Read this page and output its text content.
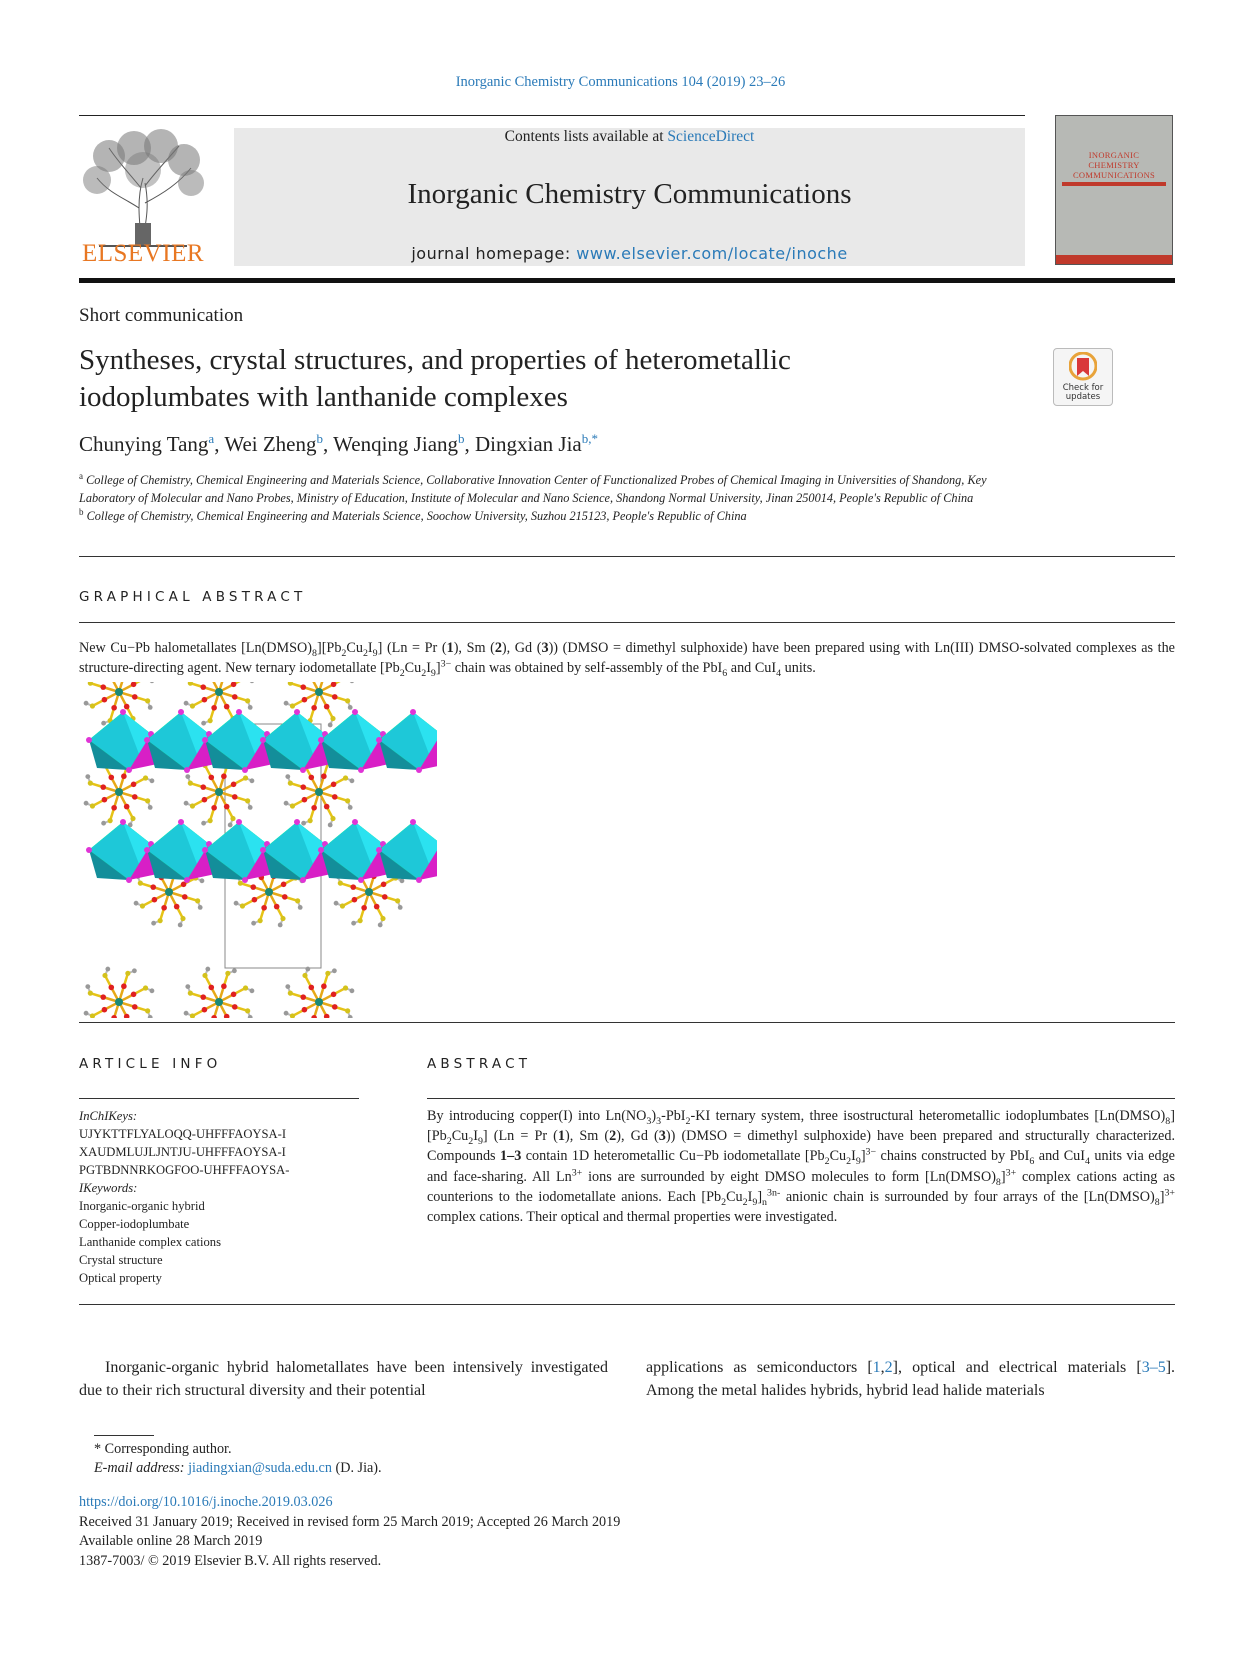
Inorganic Chemistry Communications 104 (2019) 23–26
ELSEVIER
Contents lists available at ScienceDirect
Inorganic Chemistry Communications
journal homepage: www.elsevier.com/locate/inoche
INORGANIC CHEMISTRY COMMUNICATIONS
Short communication
Syntheses, crystal structures, and properties of heterometallic
iodoplumbates with lanthanide complexes	Check for updates
Chunying Tang$^a$, Wei Zheng$^b$, Wenqing Jiang$^b$, Dingxian Jia$^{b,*}$

$^a$ College of Chemistry, Chemical Engineering and Materials Science, Collaborative Innovation Center of Functionalized Probes of Chemical Imaging in Universities of Shandong, Key Laboratory of Molecular and Nano Probes, Ministry of Education, Institute of Molecular and Nano Science, Shandong Normal University, Jinan 250014, People's Republic of China

$^b$ College of Chemistry, Chemical Engineering and Materials Science, Soochow University, Suzhou 215123, People's Republic of China

GRAPHICAL ABSTRACT
New Cu−Pb halometallates $[Ln(DMSO)_8][Pb_2Cu_2I_9] (Ln = Pr$ (1), Sm (2), Gd (3)) (DMSO = dimethyl sulphoxide) have been prepared using with Ln(III) DMSO-solvated complexes as the structure-directing agent. New ternary iodometallate $[Pb_2Cu_2I_9]^{3-}$ chain was obtained by self-assembly of the PbI$_6$ and CuI$_4$ units.
ARTICLE INFO	ABSTRACT
InChIKeys:
UJYKTTFLYALOQQ-UHFFFAOYSA-I
XAUDMLUJLJNTJU-UHFFFAOYSA-I
PGTBDNNRKOGFOO-UHFFFAOYSA-
IKeywords:
Inorganic-organic hybrid
Copper-iodoplumbate
Lanthanide complex cations
Crystal structure
Optical property
By introducing copper(I) into $Ln(NO_3)_3-PbI_2-KI$ ternary system, three isostructural heterometallic iodoplumbates $[Ln(DMSO)_8][Pb_2Cu_2I_9] (Ln = Pr$ (1), Sm (2), Gd (3)) (DMSO = dimethyl sulphoxide) have been prepared and structurally characterized. Compounds 1–3 contain 1D heterometallic Cu−Pb iodometallate $[Pb_2Cu_2I_9]^{3-}$ chains constructed by PbI$_6$ and CuI$_4$ units via edge and face-sharing. All $Ln^{3+}$ ions are surrounded by eight DMSO molecules to form $[Ln(DMSO)_8]^{3+}$ complex cations acting as counterions to the iodometallate anions. Each $[Pb_2Cu_2I_9]_n^{3n-}$ anionic chain is surrounded by four arrays of the $[Ln(DMSO)_8]^{3+}$ complex cations. Their optical and thermal properties were investigated.
Inorganic-organic hybrid halometallates have been intensively investigated due to their rich structural diversity and their potential
applications as semiconductors [1,2], optical and electrical materials [3–5]. Among the metal halides hybrids, hybrid lead halide materials
* Corresponding author.
E-mail address: jiadingxian@suda.edu.cn (D. Jia).
https://doi.org/10.1016/j.inoche.2019.03.026
Received 31 January 2019; Received in revised form 25 March 2019; Accepted 26 March 2019
Available online 28 March 2019
1387-7003/ © 2019 Elsevier B.V. All rights reserved.
